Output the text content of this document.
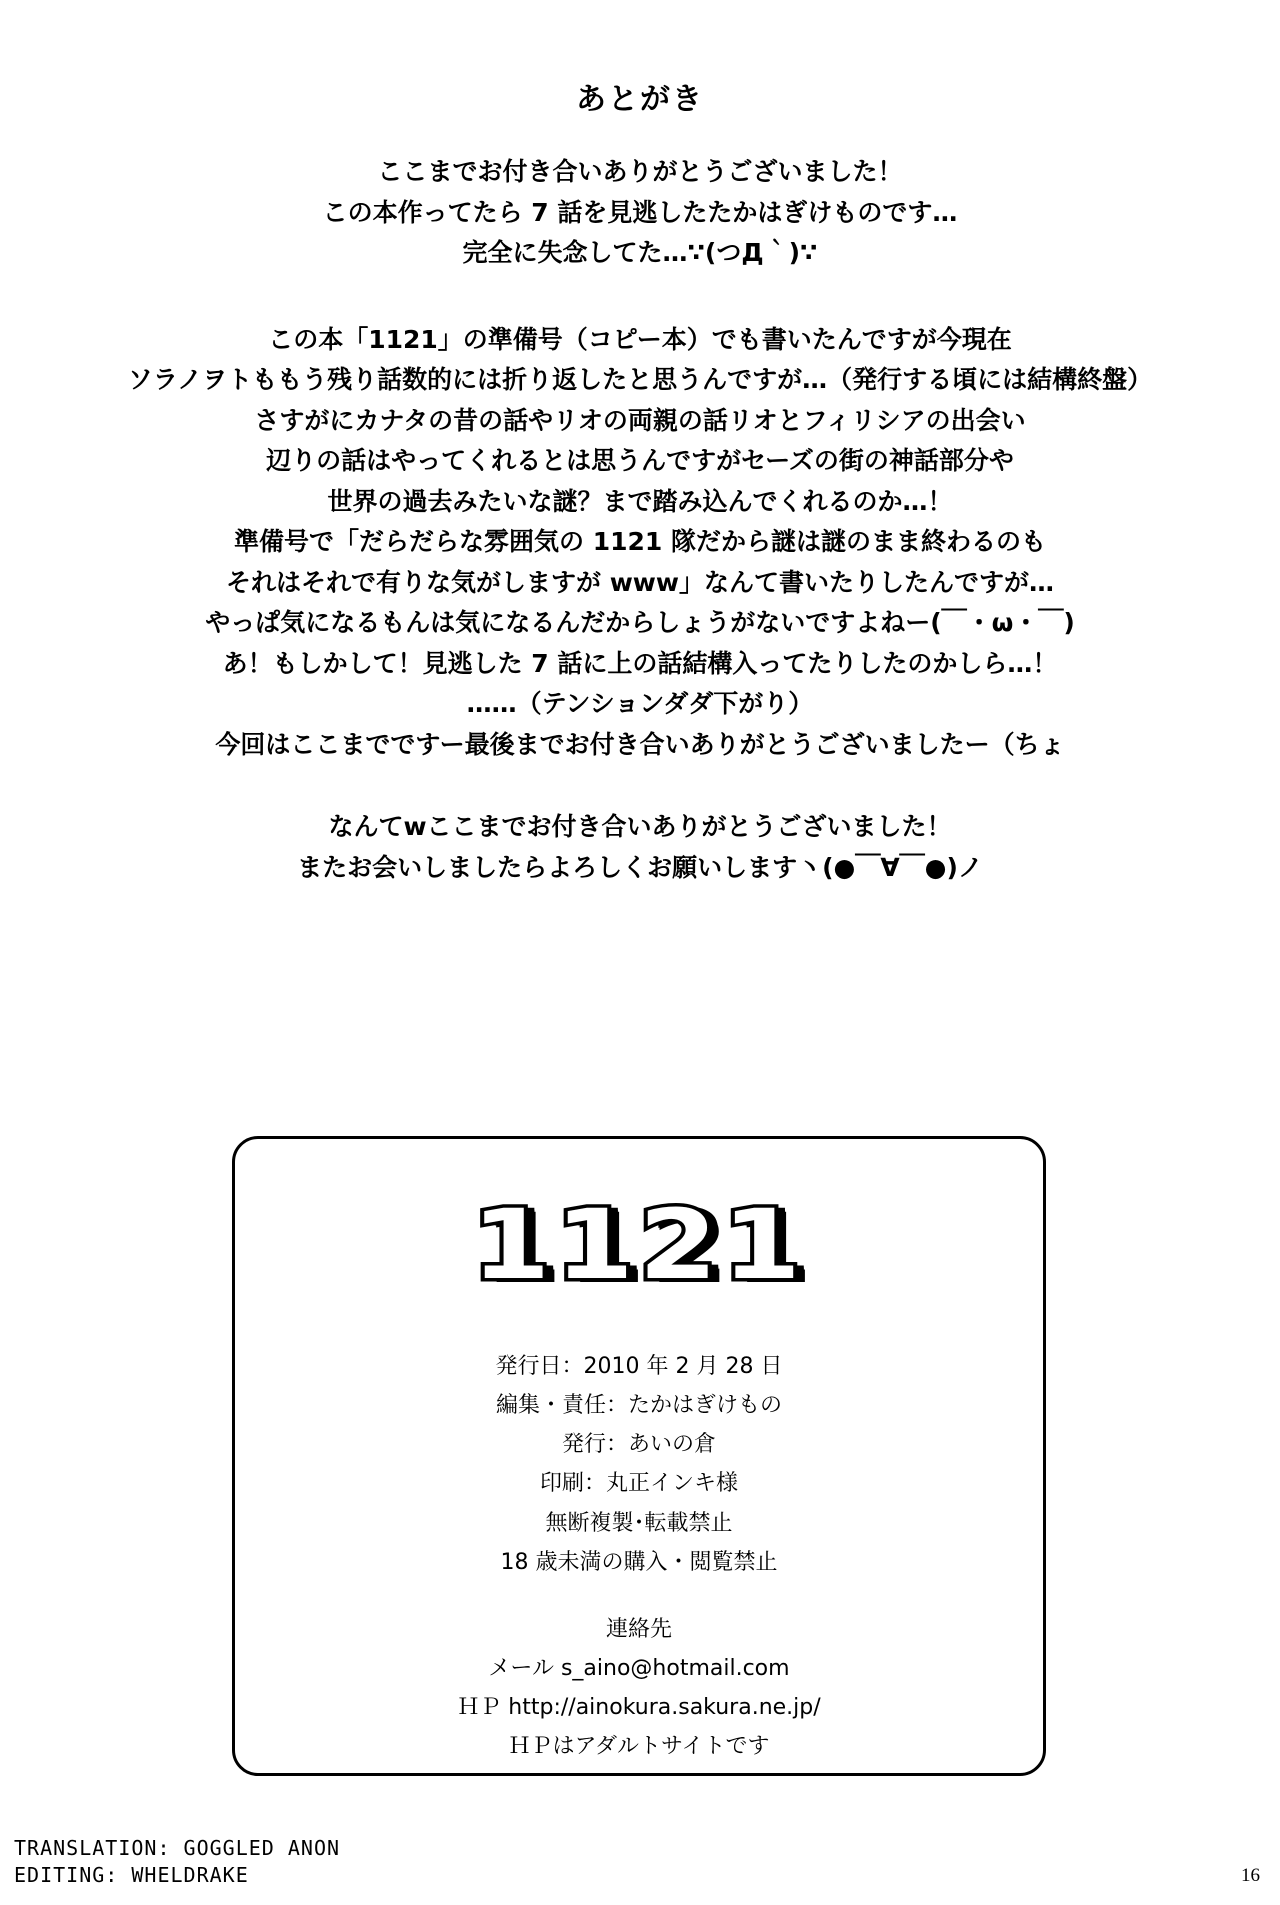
あとがき
ここまでお付き合いありがとうございました！
この本作ってたら 7 話を見逃したたかはぎけものです…
完全に失念してた…∵(つД｀)∵
この本「1121」の準備号（コピー本）でも書いたんですが今現在
ソラノヲトももう残り話数的には折り返したと思うんですが…（発行する頃には結構終盤）
さすがにカナタの昔の話やリオの両親の話リオとフィリシアの出会い
辺りの話はやってくれるとは思うんですがセーズの街の神話部分や
世界の過去みたいな謎？まで踏み込んでくれるのか…！
準備号で「だらだらな雰囲気の 1121 隊だから謎は謎のまま終わるのも
それはそれで有りな気がしますが www」なんて書いたりしたんですが…
やっぱ気になるもんは気になるんだからしょうがないですよねー(￣・ω・￣)
あ！もしかして！見逃した 7 話に上の話結構入ってたりしたのかしら…！
……（テンションダダ下がり）
今回はここまでですー最後までお付き合いありがとうございましたー（ちょ
なんてwここまでお付き合いありがとうございました！
またお会いしましたらよろしくお願いします丶(●￣∀￣●)ノ
1121
発行日：2010 年 2 月 28 日
編集・責任：たかはぎけもの
発行：あいの倉
印刷：丸正インキ様
無断複製･転載禁止
18 歳未満の購入・閲覧禁止
連絡先
メール s_aino@hotmail.com
ＨＰ http://ainokura.sakura.ne.jp/
ＨＰはアダルトサイトです
TRANSLATION: GOGGLED ANON
EDITING: WHELDRAKE	16
